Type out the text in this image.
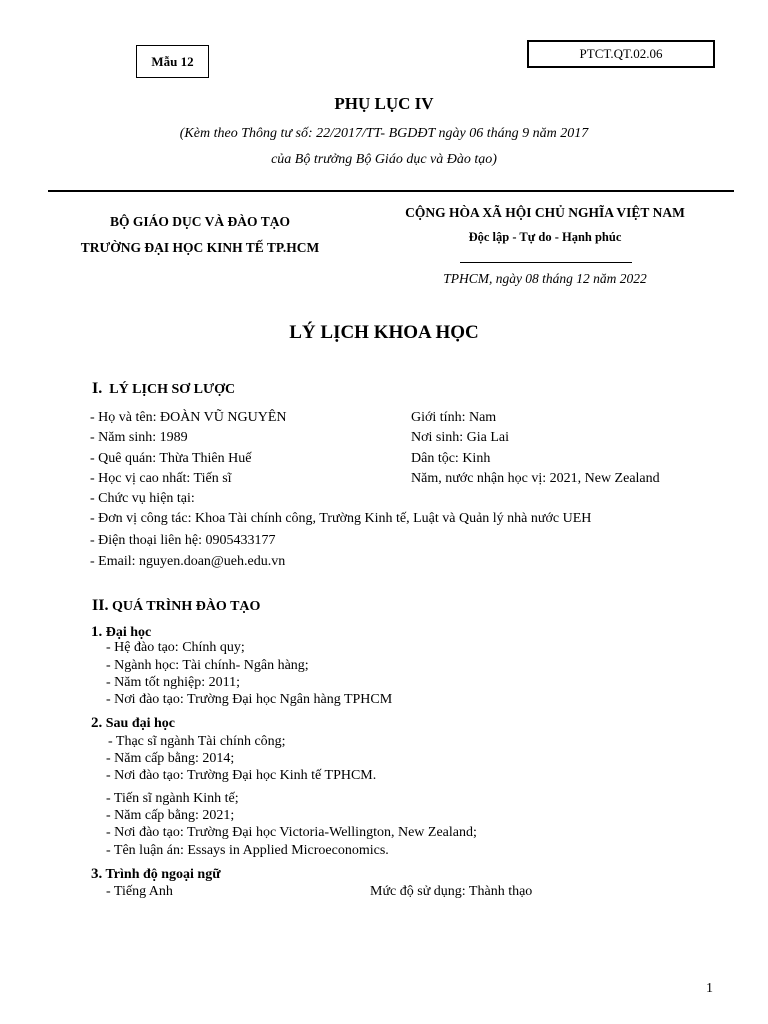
Mẫu 12	PTCT.QT.02.06
PHỤ LỤC IV
(Kèm theo Thông tư số: 22/2017/TT- BGDĐT ngày 06 tháng 9 năm 2017
của Bộ trưởng Bộ Giáo dục và Đào tạo)
BỘ GIÁO DỤC VÀ ĐÀO TẠO
TRƯỜNG ĐẠI HỌC KINH TẾ TP.HCM
CỘNG HÒA XÃ HỘI CHỦ NGHĨA VIỆT NAM
Độc lập - Tự do - Hạnh phúc
TPHCM, ngày 08 tháng 12 năm 2022
LÝ LỊCH KHOA HỌC
I. LÝ LỊCH SƠ LƯỢC
- Họ và tên: ĐOÀN VŨ NGUYÊN	Giới tính: Nam
- Năm sinh: 1989	Nơi sinh: Gia Lai
- Quê quán: Thừa Thiên Huế	Dân tộc: Kinh
- Học vị cao nhất: Tiến sĩ	Năm, nước nhận học vị: 2021, New Zealand
- Chức vụ hiện tại:
- Đơn vị công tác: Khoa Tài chính công, Trường Kinh tế, Luật và Quản lý nhà nước UEH
- Điện thoại liên hệ: 0905433177
- Email: nguyen.doan@ueh.edu.vn
II. QUÁ TRÌNH ĐÀO TẠO
1. Đại học
- Hệ đào tạo: Chính quy;
- Ngành học: Tài chính- Ngân hàng;
- Năm tốt nghiệp: 2011;
- Nơi đào tạo: Trường Đại học Ngân hàng TPHCM
2. Sau đại học
- Thạc sĩ ngành Tài chính công;
- Năm cấp bằng: 2014;
- Nơi đào tạo: Trường Đại học Kinh tế TPHCM.
- Tiến sĩ ngành Kinh tế;
- Năm cấp bằng: 2021;
- Nơi đào tạo: Trường Đại học Victoria-Wellington, New Zealand;
- Tên luận án: Essays in Applied Microeconomics.
3. Trình độ ngoại ngữ
- Tiếng Anh	Mức độ sử dụng: Thành thạo
1
